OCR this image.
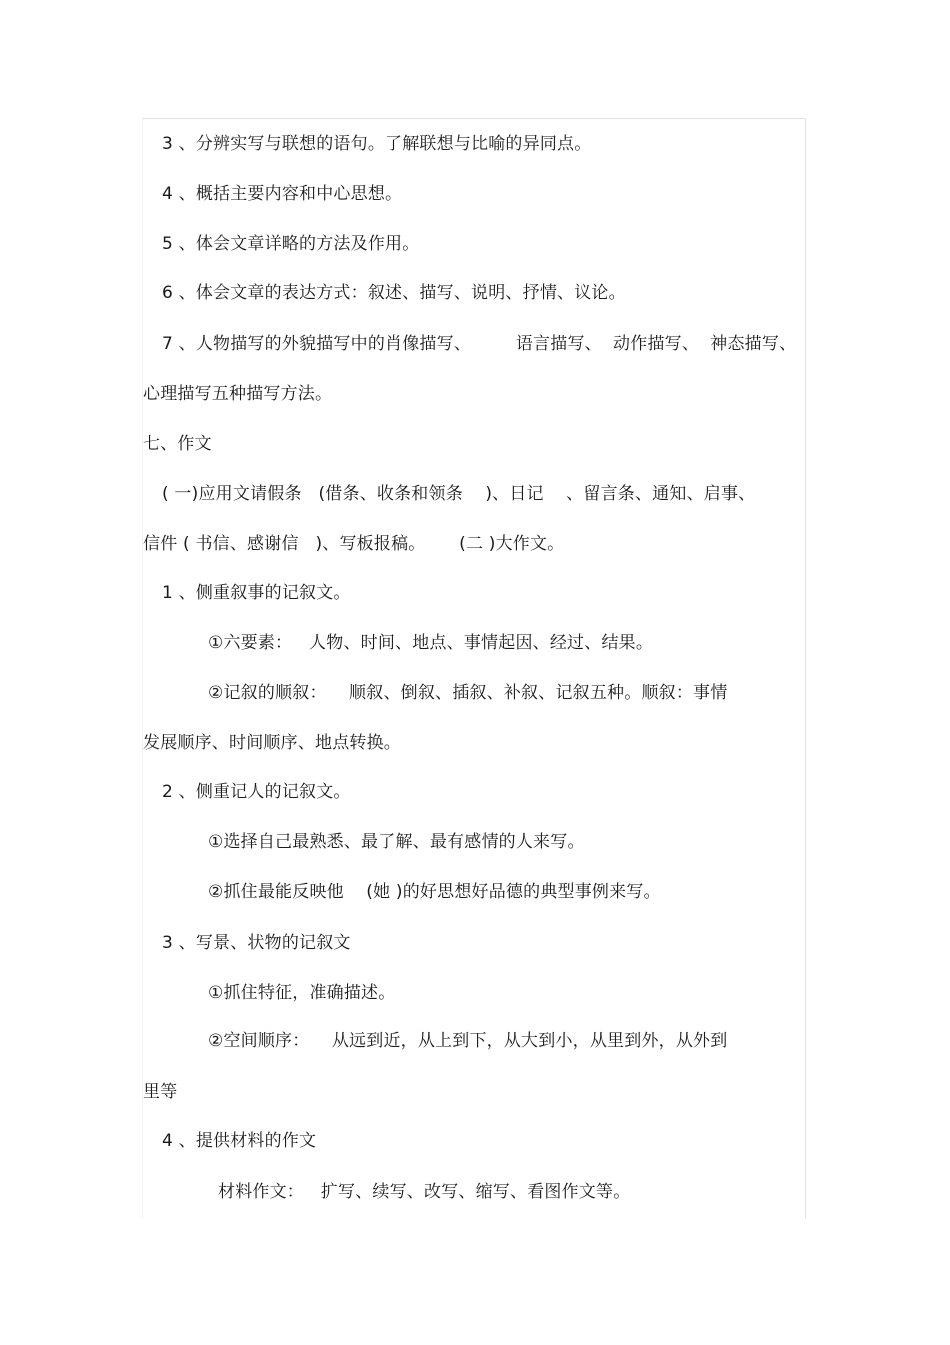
3 、分辨实写与联想的语句。了解联想与比喻的异同点。
4 、概括主要内容和中心思想。
5 、体会文章详略的方法及作用。
6 、体会文章的表达方式：叙述、描写、说明、抒情、议论。
7 、人物描写的外貌描写中的肖像描写、        语言描写、  动作描写、  神态描写、
心理描写五种描写方法。
七、作文
( 一)应用文请假条   (借条、收条和领条    )、日记    、留言条、通知、启事、
信件 ( 书信、感谢信   )、写板报稿。      (二 )大作文。
1 、侧重叙事的记叙文。
①六要素：   人物、时间、地点、事情起因、经过、结果。
②记叙的顺叙：    顺叙、倒叙、插叙、补叙、记叙五种。顺叙：事情
发展顺序、时间顺序、地点转换。
2 、侧重记人的记叙文。
①选择自己最熟悉、最了解、最有感情的人来写。
②抓住最能反映他    (她 )的好思想好品德的典型事例来写。
3 、写景、状物的记叙文
①抓住特征，准确描述。
②空间顺序：    从远到近，从上到下，从大到小，从里到外，从外到
里等
4 、提供材料的作文
材料作文：   扩写、续写、改写、缩写、看图作文等。
